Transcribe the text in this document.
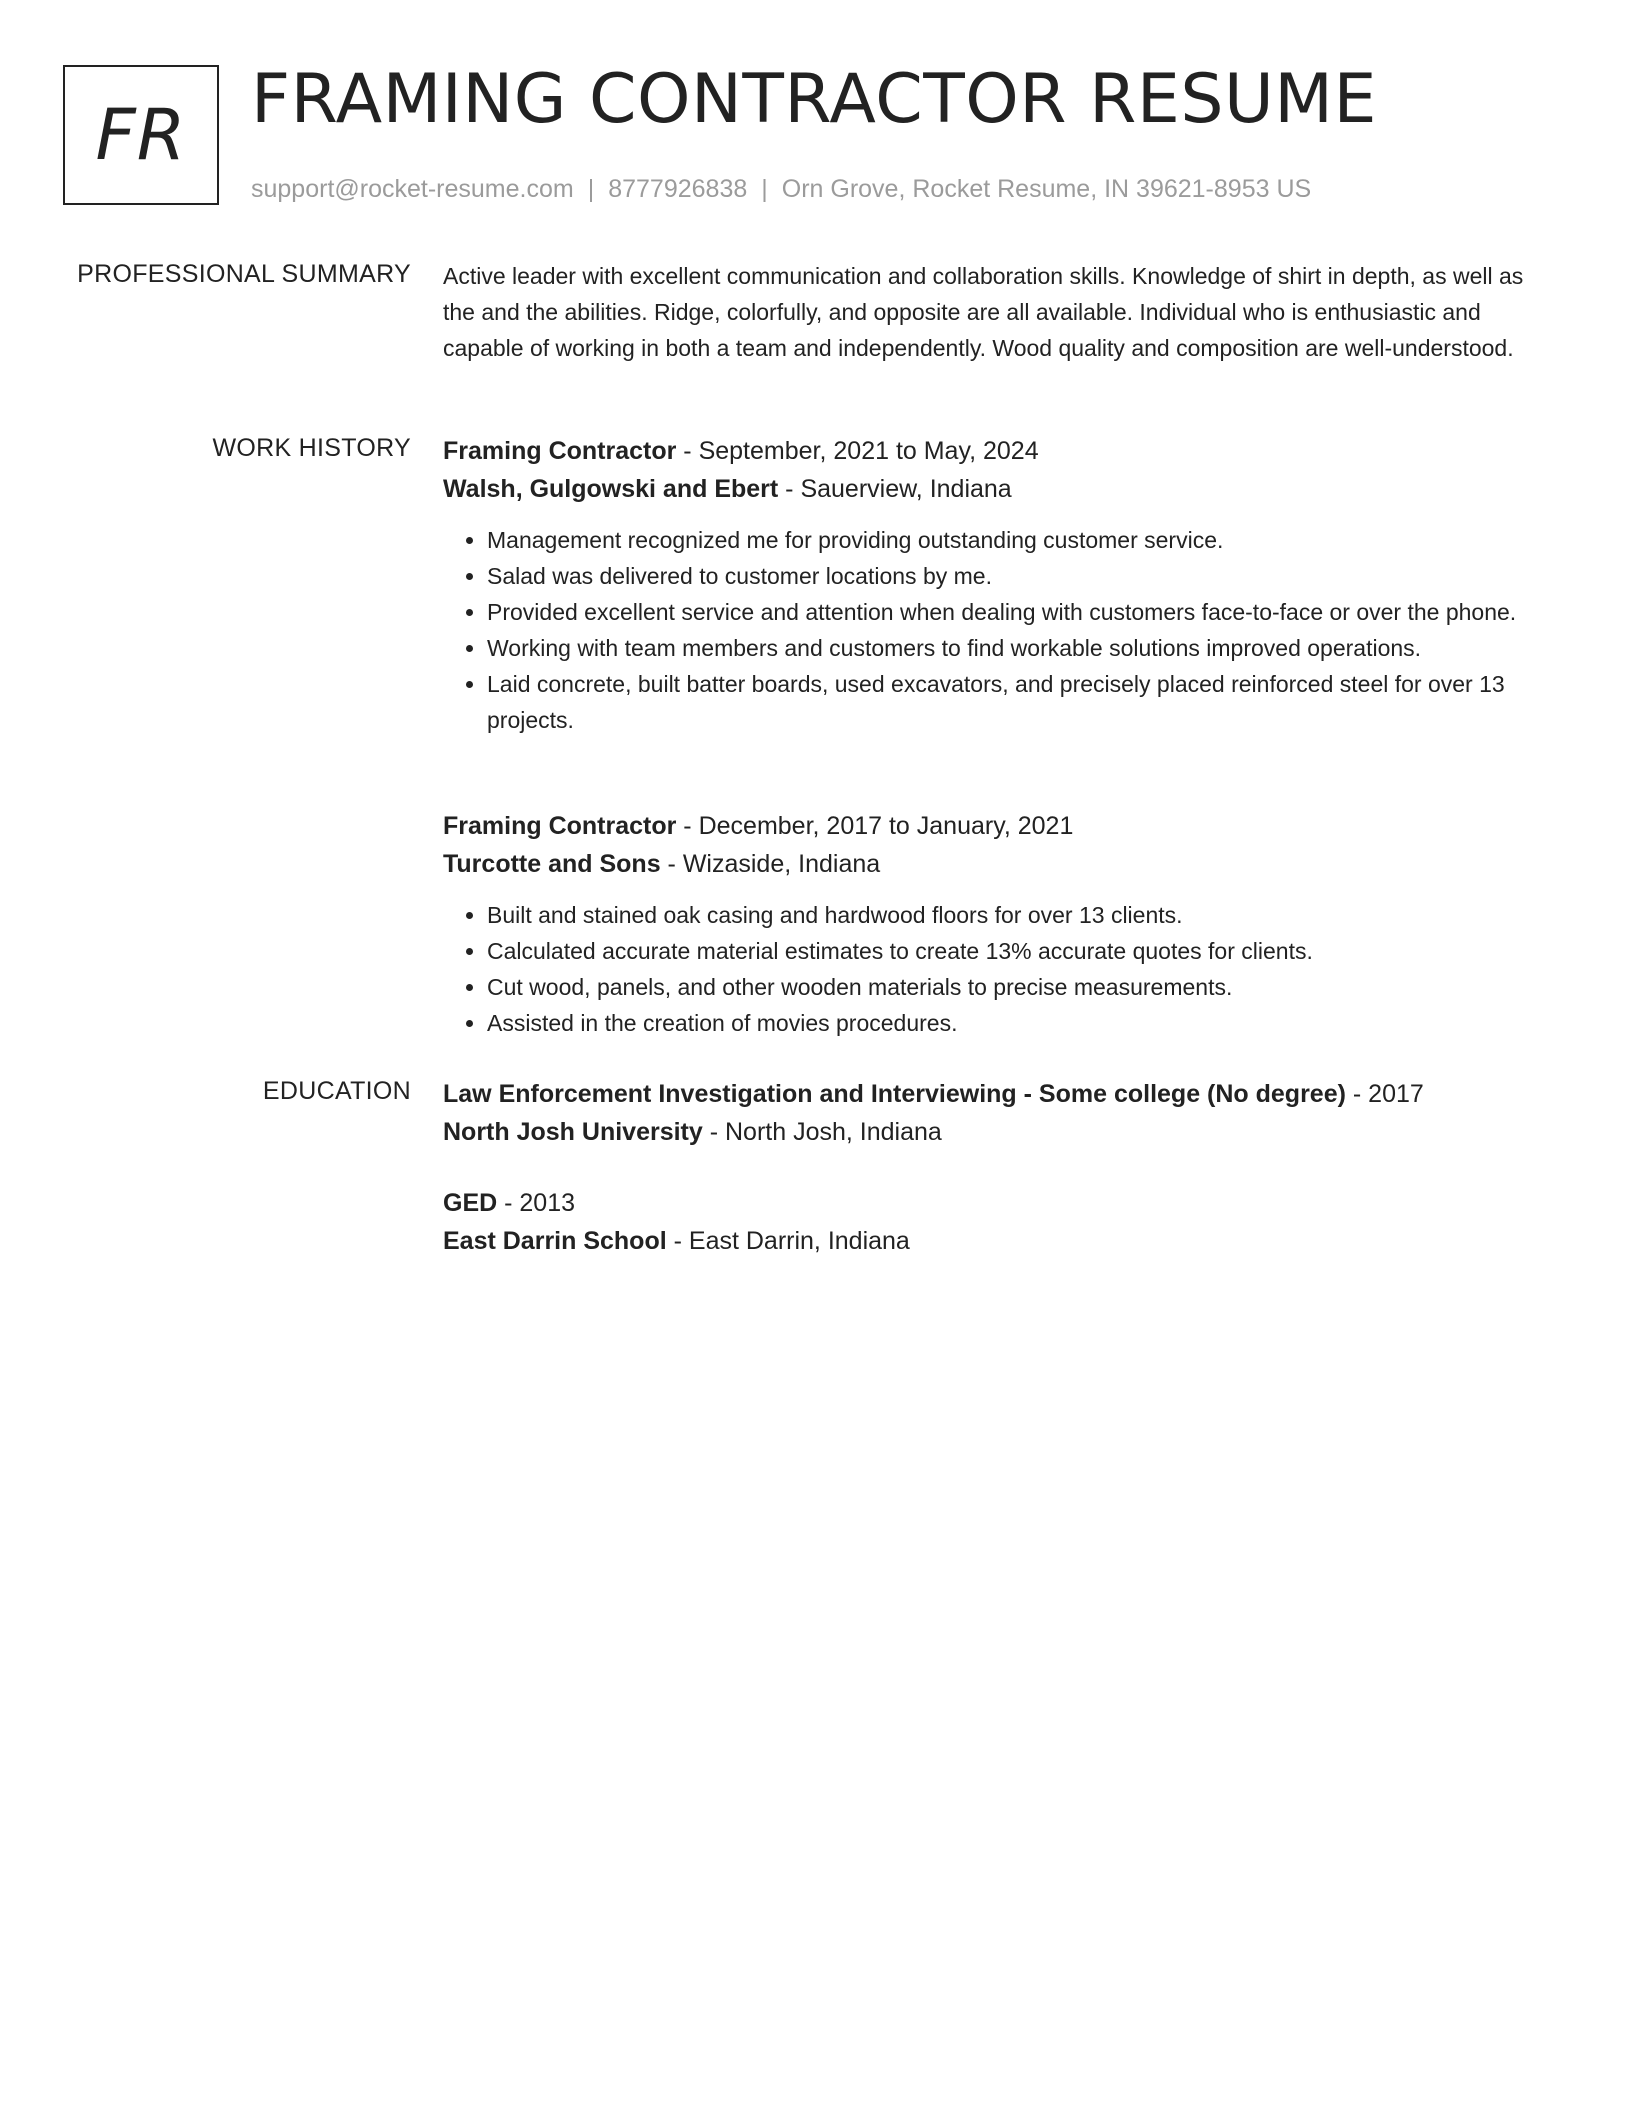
FR FRAMING CONTRACTOR RESUME
support@rocket-resume.com | 8777926838 | Orn Grove, Rocket Resume, IN 39621-8953 US
PROFESSIONAL SUMMARY Active leader with excellent communication and collaboration skills. Knowledge of shirt in depth, as well as the and the abilities. Ridge, colorfully, and opposite are all available. Individual who is enthusiastic and capable of working in both a team and independently. Wood quality and composition are well-understood.

WORK HISTORY Framing Contractor - September, 2021 to May, 2024
Walsh, Gulgowski and Ebert - Sauerview, Indiana
• Management recognized me for providing outstanding customer service.
• Salad was delivered to customer locations by me.
• Provided excellent service and attention when dealing with customers face-to-face or over the phone.
• Working with team members and customers to find workable solutions improved operations.
• Laid concrete, built batter boards, used excavators, and precisely placed reinforced steel for over 13 projects.
Framing Contractor - December, 2017 to January, 2021
Turcotte and Sons - Wizaside, Indiana
• Built and stained oak casing and hardwood floors for over 13 clients.
• Calculated accurate material estimates to create 13% accurate quotes for clients.
• Cut wood, panels, and other wooden materials to precise measurements.
• Assisted in the creation of movies procedures.
EDUCATION Law Enforcement Investigation and Interviewing - Some college (No degree) - 2017
North Josh University - North Josh, Indiana
GED - 2013
East Darrin School - East Darrin, Indiana
